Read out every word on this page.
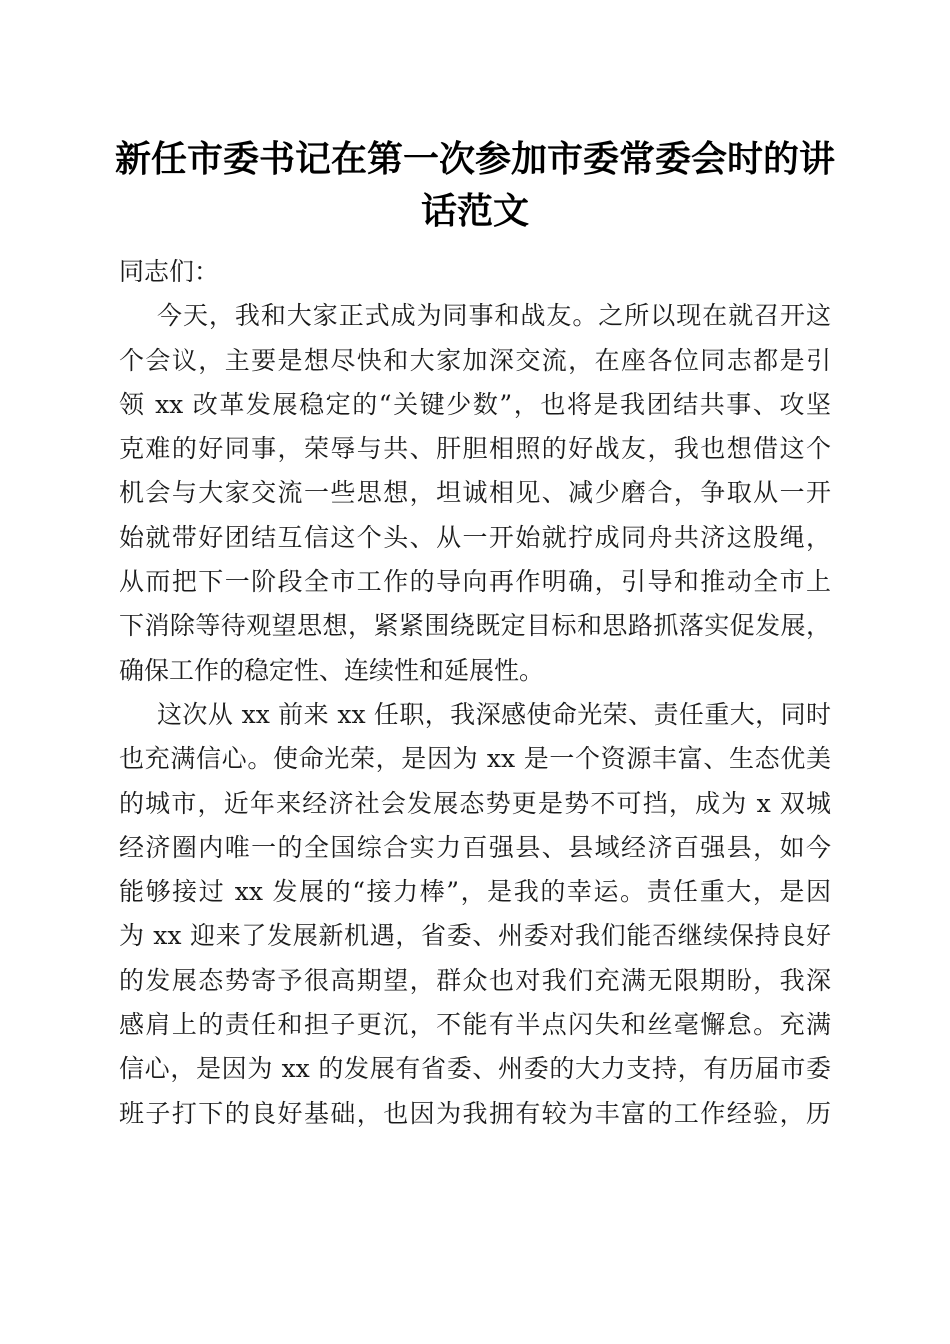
新任市委书记在第一次参加市委常委会时的讲
话范文

同志们：

今天，我和大家正式成为同事和战友。之所以现在就召开这
个会议，主要是想尽快和大家加深交流，在座各位同志都是引
领 xx 改革发展稳定的“关键少数”，也将是我团结共事、攻坚
克难的好同事，荣辱与共、肝胆相照的好战友，我也想借这个
机会与大家交流一些思想，坦诚相见、减少磨合，争取从一开
始就带好团结互信这个头、从一开始就拧成同舟共济这股绳，
从而把下一阶段全市工作的导向再作明确，引导和推动全市上
下消除等待观望思想，紧紧围绕既定目标和思路抓落实促发展，
确保工作的稳定性、连续性和延展性。
这次从 xx 前来 xx 任职，我深感使命光荣、责任重大，同时
也充满信心。使命光荣，是因为 xx 是一个资源丰富、生态优美
的城市，近年来经济社会发展态势更是势不可挡，成为 x 双城
经济圈内唯一的全国综合实力百强县、县域经济百强县，如今
能够接过 xx 发展的“接力棒”，是我的幸运。责任重大，是因
为 xx 迎来了发展新机遇，省委、州委对我们能否继续保持良好
的发展态势寄予很高期望，群众也对我们充满无限期盼，我深
感肩上的责任和担子更沉，不能有半点闪失和丝毫懈怠。充满
信心，是因为 xx 的发展有省委、州委的大力支持，有历届市委
班子打下的良好基础，也因为我拥有较为丰富的工作经验，历
